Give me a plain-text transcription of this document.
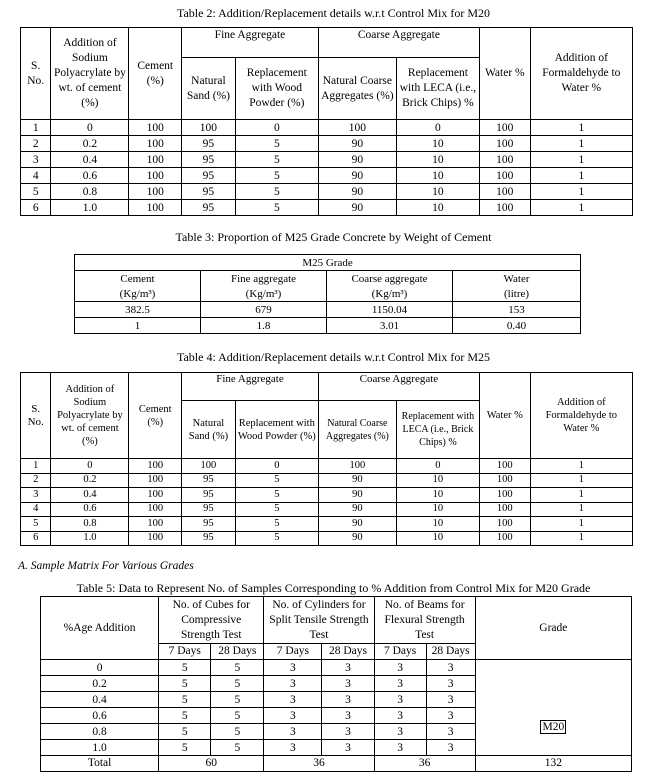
Table 2: Addition/Replacement details w.r.t Control Mix for M20
S. No.	Addition of Sodium Polyacrylate by wt. of cement (%)	Cement (%)	Fine Aggregate		Coarse Aggregate		Water %	Addition of Formaldehyde to Water %
			Natural Sand (%)	Replacement with Wood Powder (%)	Natural Coarse Aggregates (%)	Replacement with LECA (i.e., Brick Chips) %		
1	0	100	100	0	100	0	100	1
2	0.2	100	95	5	90	10	100	1
3	0.4	100	95	5	90	10	100	1
4	0.6	100	95	5	90	10	100	1
5	0.8	100	95	5	90	10	100	1
6	1.0	100	95	5	90	10	100	1
Table 3: Proportion of M25 Grade Concrete by Weight of Cement
M25 Grade			
Cement	Fine aggregate	Coarse aggregate	Water
(Kg/m³)	(Kg/m³)	(Kg/m³)	(litre)
382.5	679	1150.04	153
1	1.8	3.01	0.40
Table 4: Addition/Replacement details w.r.t Control Mix for M25
S. No.	Addition of Sodium Polyacrylate by wt. of cement (%)	Cement (%)	Fine Aggregate		Coarse Aggregate		Water %	Addition of Formaldehyde to Water %
			Natural Sand (%)	Replacement with Wood Powder (%)	Natural Coarse Aggregates (%)	Replacement with LECA (i.e., Brick Chips) %		
1	0	100	100	0	100	0	100	1
2	0.2	100	95	5	90	10	100	1
3	0.4	100	95	5	90	10	100	1
4	0.6	100	95	5	90	10	100	1
5	0.8	100	95	5	90	10	100	1
6	1.0	100	95	5	90	10	100	1
A. Sample Matrix For Various Grades
Table 5: Data to Represent No. of Samples Corresponding to % Addition from Control Mix for M20 Grade
%Age Addition	No. of Cubes for Compressive Strength Test		No. of Cylinders for Split Tensile Strength Test		No. of Beams for Flexural Strength Test		Grade
	7 Days	28 Days	7 Days	28 Days	7 Days	28 Days	
0	5	5	3	3	3	3	M20
0.2	5	5	3	3	3	3	
0.4	5	5	3	3	3	3	
0.6	5	5	3	3	3	3	
0.8	5	5	3	3	3	3	
1.0	5	5	3	3	3	3	
Total	60		36		36		132
